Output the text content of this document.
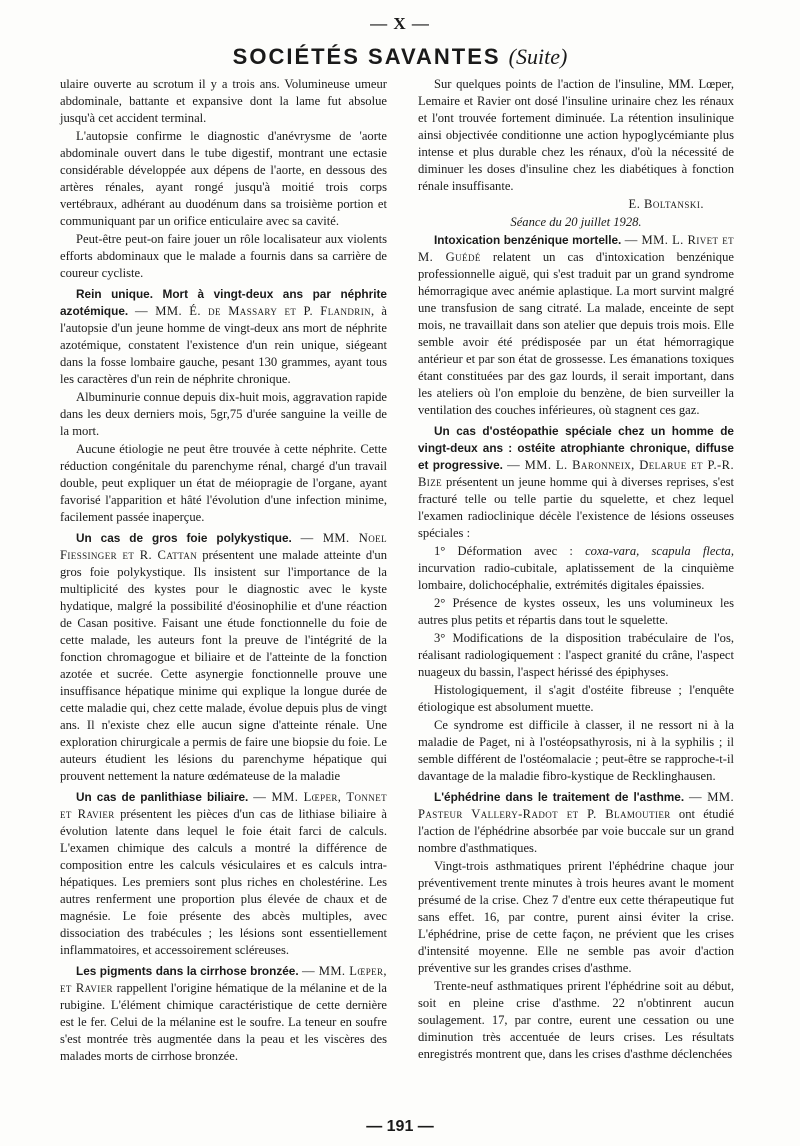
— X —
SOCIÉTÉS SAVANTES (Suite)

ulaire ouverte au scrotum il y a trois ans. Volumineuse umeur abdominale, battante et expansive dont la lame fut absolue jusqu'à cet accident terminal.

L'autopsie confirme le diagnostic d'anévrysme de 'aorte abdominale ouvert dans le tube digestif, montrant une ectasie considérable développée aux dépens de l'aorte, en dessous des artères rénales, ayant rongé jusqu'à moitié trois corps vertébraux, adhérant au duodénum dans sa troisième portion et communiquant par un orifice enticulaire avec sa cavité.

Peut-être peut-on faire jouer un rôle localisateur aux violents efforts abdominaux que le malade a fournis dans sa carrière de coureur cycliste.

Rein unique. Mort à vingt-deux ans par néphrite azotémique. — MM. É. de Massary et P. Flandrin, à l'autopsie d'un jeune homme de vingt-deux ans mort de néphrite azotémique, constatent l'existence d'un rein unique, siégeant dans la fosse lombaire gauche, pesant 130 grammes, ayant tous les caractères d'un rein de néphrite chronique.

Albuminurie connue depuis dix-huit mois, aggravation rapide dans les deux derniers mois, 5gr,75 d'urée sanguine la veille de la mort.

Aucune étiologie ne peut être trouvée à cette néphrite. Cette réduction congénitale du parenchyme rénal, chargé d'un travail double, peut expliquer un état de méiopragie de l'organe, ayant favorisé l'apparition et hâté l'évolution d'une infection minime, facilement passée inaperçue.

Un cas de gros foie polykystique. — MM. Noel Fiessinger et R. Cattan présentent une malade atteinte d'un gros foie polykystique. Ils insistent sur l'importance de la multiplicité des kystes pour le diagnostic avec le kyste hydatique, malgré la possibilité d'éosinophilie et d'une réaction de Casan positive. Faisant une étude fonctionnelle du foie de cette malade, les auteurs font la preuve de l'intégrité de la fonction chromagogue et biliaire et de l'atteinte de la fonction azotée et sucrée. Cette asynergie fonctionnelle prouve une insuffisance hépatique minime qui explique la longue durée de cette maladie qui, chez cette malade, évolue depuis plus de vingt ans. Il n'existe chez elle aucun signe d'atteinte rénale. Une exploration chirurgicale a permis de faire une biopsie du foie. Le auteurs étudient les lésions du parenchyme hépatique qui prouvent nettement la nature œdémateuse de la maladie

Un cas de panlithiase biliaire. — MM. Lœper, Tonnet et Ravier présentent les pièces d'un cas de lithiase biliaire à évolution latente dans lequel le foie était farci de calculs. L'examen chimique des calculs a montré la différence de composition entre les calculs vésiculaires et es calculs intra-hépatiques. Les premiers sont plus riches en cholestérine. Les autres renferment une proportion plus élevée de chaux et de magnésie. Le foie présente des abcès multiples, avec dissociation des trabécules ; les lésions sont essentiellement inflammatoires, et accessoirement scléreuses.

Les pigments dans la cirrhose bronzée. — MM. Lœper, et Ravier rappellent l'origine hématique de la mélanine et de la rubigine. L'élément chimique caractéristique de cette dernière est le fer. Celui de la mélanine est le soufre. La teneur en soufre s'est montrée très augmentée dans la peau et les viscères des malades morts de cirrhose bronzée.

Sur quelques points de l'action de l'insuline, MM. Lœper, Lemaire et Ravier ont dosé l'insuline urinaire chez les rénaux et l'ont trouvée fortement diminuée. La rétention insulinique ainsi objectivée conditionne une action hypoglycémiante plus intense et plus durable chez les rénaux, d'où la nécessité de diminuer les doses d'insuline chez les diabétiques à fonction rénale insuffisante.

E. Boltanski.

Séance du 20 juillet 1928.

Intoxication benzénique mortelle. — MM. L. Rivet et M. Guédé relatent un cas d'intoxication benzénique professionnelle aiguë, qui s'est traduit par un grand syndrome hémorragique avec anémie aplastique. La mort survint malgré une transfusion de sang citraté. La malade, enceinte de sept mois, ne travaillait dans son atelier que depuis trois mois. Elle semble avoir été prédisposée par un état hémorragique antérieur et par son état de grossesse. Les émanations toxiques étant constituées par des gaz lourds, il serait important, dans les ateliers où l'on emploie du benzène, de bien surveiller la ventilation des couches inférieures, où stagnent ces gaz.

Un cas d'ostéopathie spéciale chez un homme de vingt-deux ans : ostéite atrophiante chronique, diffuse et progressive. — MM. L. Baronneix, Delarue et P.-R. Bize présentent un jeune homme qui à diverses reprises, s'est fracturé telle ou telle partie du squelette, et chez lequel l'examen radioclinique décèle l'existence de lésions osseuses spéciales :

1° Déformation avec : coxa-vara, scapula flecta, incurvation radio-cubitale, aplatissement de la cinquième lombaire, dolichocéphalie, extrémités digitales épaissies.

2° Présence de kystes osseux, les uns volumineux les autres plus petits et répartis dans tout le squelette.

3° Modifications de la disposition trabéculaire de l'os, réalisant radiologiquement : l'aspect granité du crâne, l'aspect nuageux du bassin, l'aspect hérissé des épiphyses.

Histologiquement, il s'agit d'ostéite fibreuse ; l'enquête étiologique est absolument muette.

Ce syndrome est difficile à classer, il ne ressort ni à la maladie de Paget, ni à l'ostéopsathyrosis, ni à la syphilis ; il semble différent de l'ostéomalacie ; peut-être se rapproche-t-il davantage de la maladie fibro-kystique de Recklinghausen.

L'éphédrine dans le traitement de l'asthme. — MM. Pasteur Vallery-Radot et P. Blamoutier ont étudié l'action de l'éphédrine absorbée par voie buccale sur un grand nombre d'asthmatiques.

Vingt-trois asthmatiques prirent l'éphédrine chaque jour préventivement trente minutes à trois heures avant le moment présumé de la crise. Chez 7 d'entre eux cette thérapeutique fut sans effet. 16, par contre, purent ainsi éviter la crise. L'éphédrine, prise de cette façon, ne prévient que les crises d'intensité moyenne. Elle ne semble pas avoir d'action préventive sur les grandes crises d'asthme.

Trente-neuf asthmatiques prirent l'éphédrine soit au début, soit en pleine crise d'asthme. 22 n'obtinrent aucun soulagement. 17, par contre, eurent une cessation ou une diminution très accentuée de leurs crises. Les résultats enregistrés montrent que, dans les crises d'asthme déclenchées

— 191 —
